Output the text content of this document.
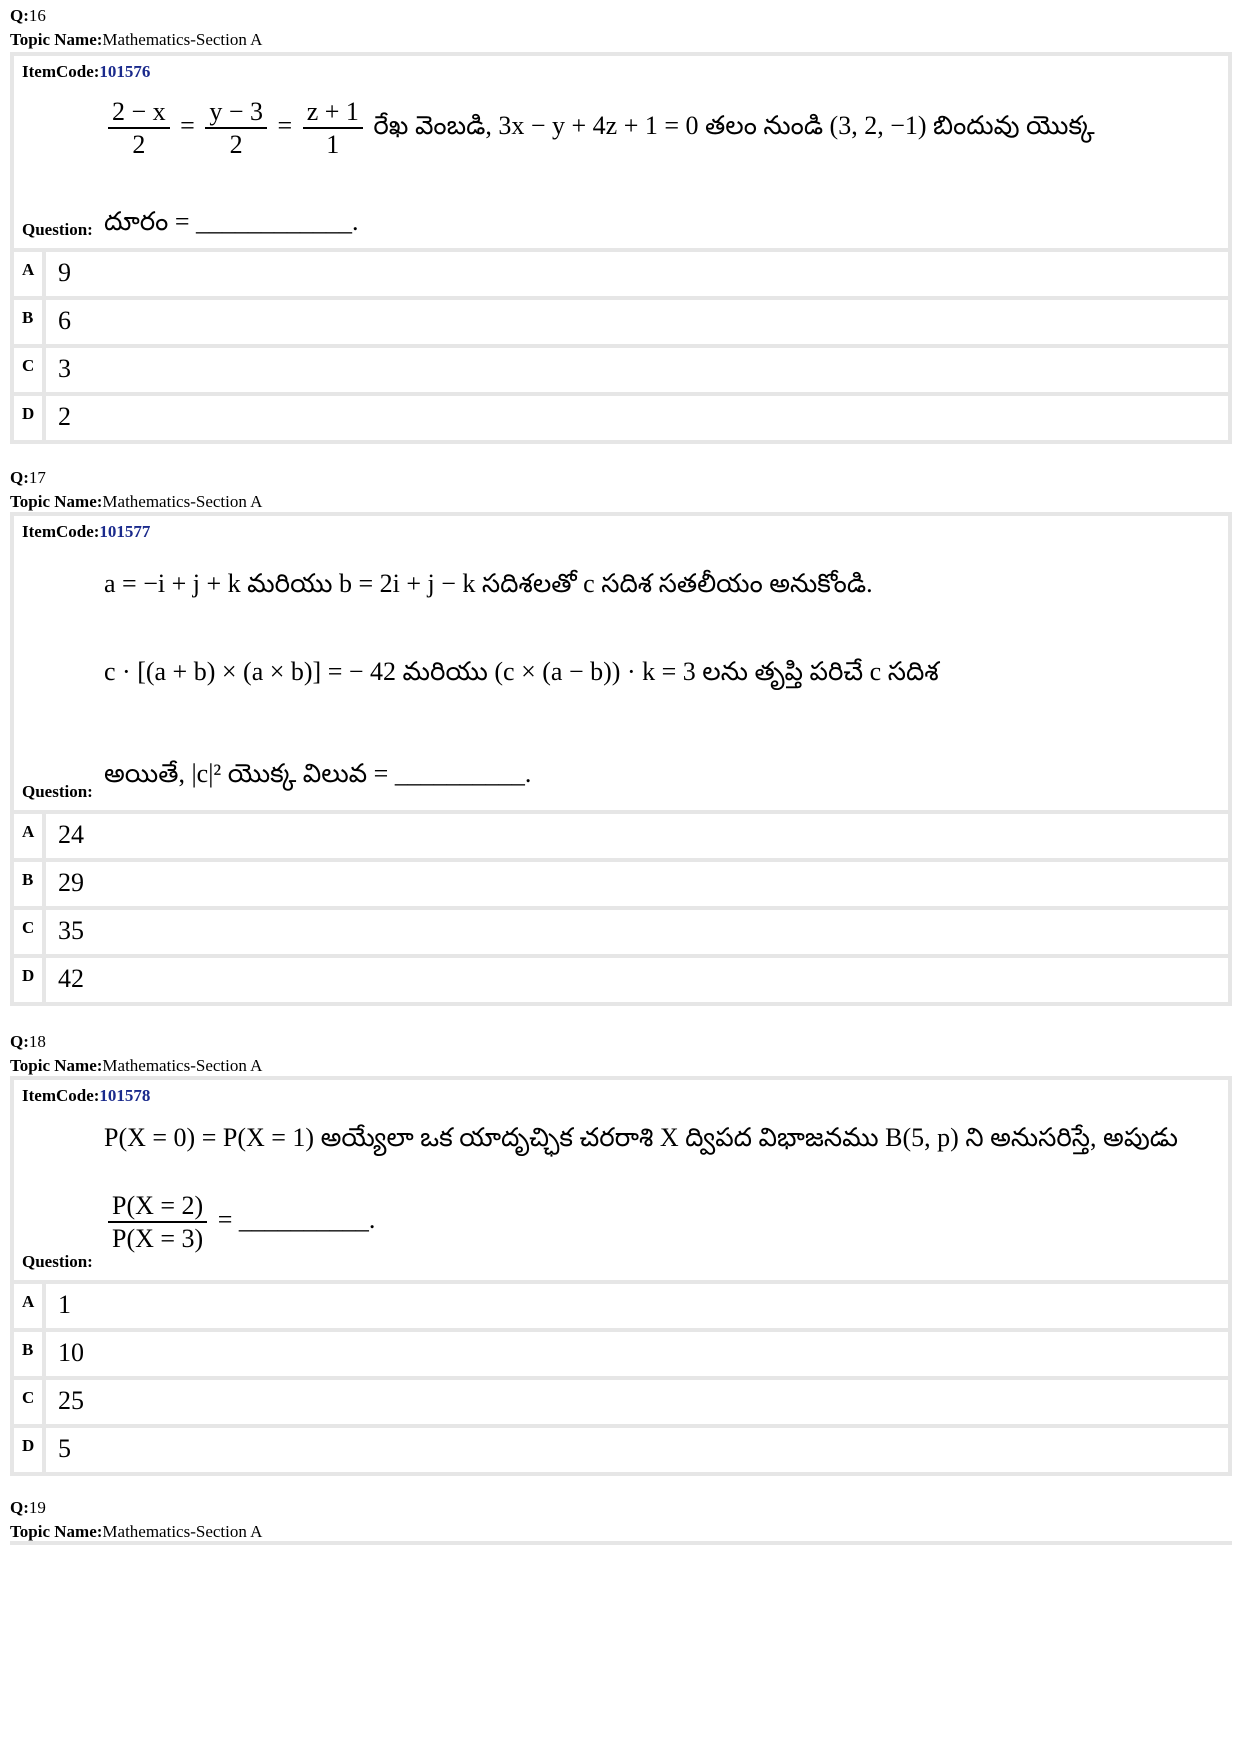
Q:16
Topic Name:Mathematics-Section A
ItemCode:101576
$\frac{2 - x}{2} = \frac{y - 3}{2} = \frac{z + 1}{1}$ రేఖ వెంబడి, 3x − y + 4z + 1 = 0 తలం నుండి (3, 2, −1) బిందువు యొక్క
Question: దూరం = ____________.
A 9
B 6
C 3
D 2
Q:17
Topic Name:Mathematics-Section A
ItemCode:101577
a = −i + j + k మరియు b = 2i + j − k సదిశలతో c సదిశ సతలీయం అనుకోండి.
c · [(a + b) × (a × b)] = − 42 మరియు (c × (a − b)) · k = 3 లను తృప్తి పరిచే c సదిశ
Question:
అయితే, |c|² యొక్క విలువ = __________.
A 24
B 29
C 35
D 42
Q:18
Topic Name:Mathematics-Section A
ItemCode:101578
P(X = 0) = P(X = 1) అయ్యేలా ఒక యాదృచ్ఛిక చరరాశి X ద్విపద విభాజనము B(5, p) ని అనుసరిస్తే, అపుడు
Question:
$\frac{P(X = 2)}{P(X = 3)}$ = __________.
A 1
B 10
C 25
D 5
Q:19
Topic Name:Mathematics-Section A
